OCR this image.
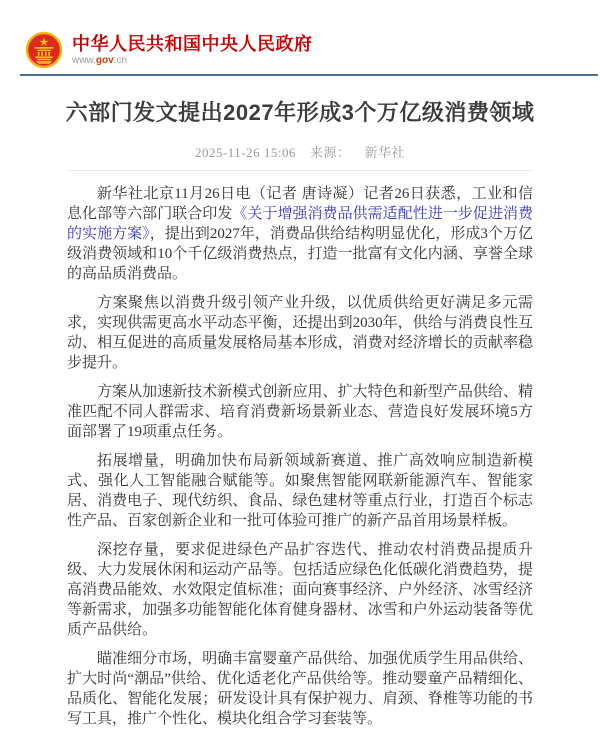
中华人民共和国中央人民政府
www.gov.cn
六部门发文提出2027年形成3个万亿级消费领域
2025-11-26 15:06 来源： 新华社

新华社北京11月26日电（记者 唐诗凝）记者26日获悉，工业和信息化部等六部门联合印发《关于增强消费品供需适配性进一步促进消费的实施方案》，提出到2027年，消费品供给结构明显优化，形成3个万亿级消费领域和10个千亿级消费热点，打造一批富有文化内涵、享誉全球的高品质消费品。

方案聚焦以消费升级引领产业升级，以优质供给更好满足多元需求，实现供需更高水平动态平衡，还提出到2030年，供给与消费良性互动、相互促进的高质量发展格局基本形成，消费对经济增长的贡献率稳步提升。

方案从加速新技术新模式创新应用、扩大特色和新型产品供给、精准匹配不同人群需求、培育消费新场景新业态、营造良好发展环境5方面部署了19项重点任务。

拓展增量，明确加快布局新领域新赛道、推广高效响应制造新模式、强化人工智能融合赋能等。如聚焦智能网联新能源汽车、智能家居、消费电子、现代纺织、食品、绿色建材等重点行业，打造百个标志性产品、百家创新企业和一批可体验可推广的新产品首用场景样板。

深挖存量，要求促进绿色产品扩容迭代、推动农村消费品提质升级、大力发展休闲和运动产品等。包括适应绿色化低碳化消费趋势，提高消费品能效、水效限定值标准；面向赛事经济、户外经济、冰雪经济等新需求，加强多功能智能化体育健身器材、冰雪和户外运动装备等优质产品供给。

瞄准细分市场，明确丰富婴童产品供给、加强优质学生用品供给、扩大时尚“潮品”供给、优化适老化产品供给等。推动婴童产品精细化、品质化、智能化发展；研发设计具有保护视力、肩颈、脊椎等功能的书写工具，推广个性化、模块化组合学习套装等。
